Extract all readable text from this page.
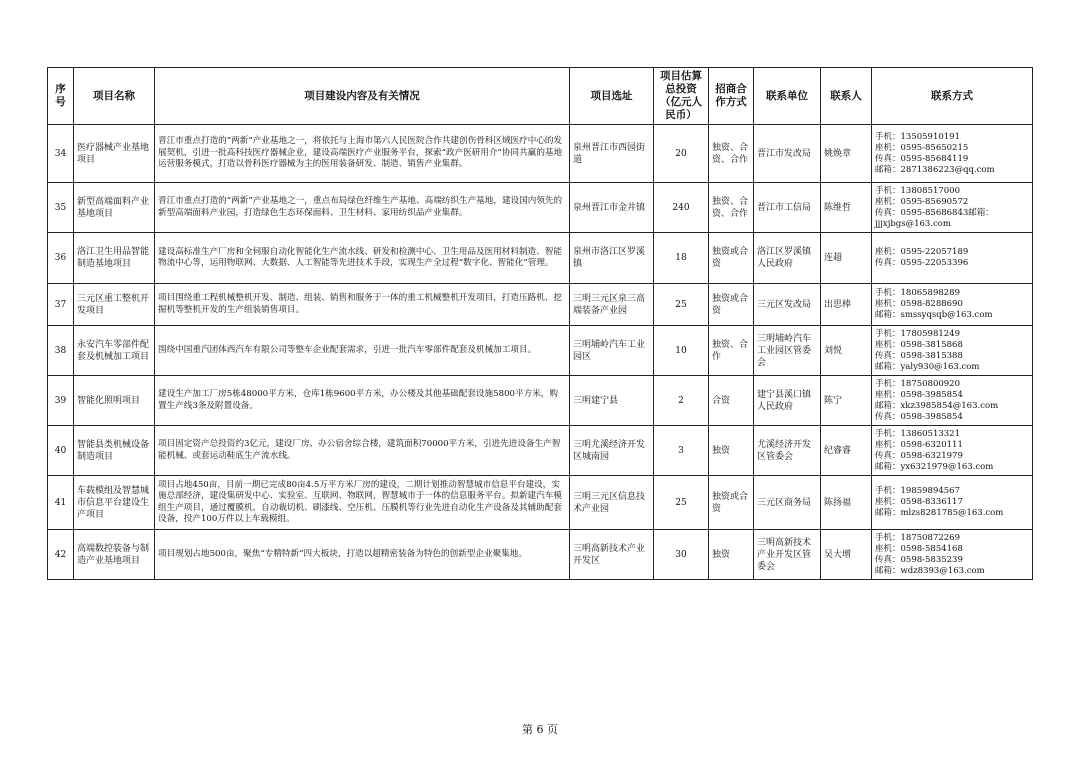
序号	项目名称	项目建设内容及有关情况	项目选址	项目估算总投资（亿元人民币）	招商合作方式	联系单位	联系人	联系方式
34	医疗器械产业基地项目	晋江市重点打造的“两新”产业基地之一，将依托与上海市第六人民医院合作共建创伤骨科区域医疗中心的发展契机，引进一批高科技医疗器械企业，建设高端医疗产业服务平台，探索“政产医研用介”协同共赢的基地运营服务模式，打造以骨科医疗器械为主的医用装备研发、制造、销售产业集群。	泉州晋江市西园街道	20	独资、合资、合作	晋江市发改局	姚焕章	手机：13505910191
座机：0595-85650215
传真：0595-85684119
邮箱：2871386223@qq.com

35	新型高端面料产业基地项目	晋江市重点打造的“两新”产业基地之一，重点布局绿色纤维生产基地、高端纺织生产基地，建设国内领先的新型高端面料产业园，打造绿色生态环保面料、卫生材料、家用纺织品产业集群。	泉州晋江市金井镇	240	独资、合资、合作	晋江市工信局	陈维哲	手机：13808517000
座机：0595-85690572
传真：0595-85686843邮箱：
jjjxjbgs@163.com

36	洛江卫生用品智能制造基地项目	建设高标准生产厂房和全伺服自动化智能化生产流水线、研发和检测中心、卫生用品及医用材料制造、智能物流中心等，运用物联网、大数据、人工智能等先进技术手段，实现生产全过程“数字化、智能化”管理。	泉州市洛江区罗溪镇	18	独资或合资	洛江区罗溪镇人民政府	连超	座机：0595-22057189
传真：0595-22053396

37	三元区重工整机开发项目	项目围绕重工程机械整机开发、制造、组装、销售和服务于一体的重工机械整机开发项目，打造压路机、挖掘机等整机开发的生产组装销售项目。	三明三元区泉三高端装备产业园	25	独资或合资	三元区发改局	出思棒	手机：18065898289
座机：0598-8288690
邮箱：smssyqsqb@163.com

38	永安汽车零部件配套及机械加工项目	围绕中国重汽团体西汽车有限公司等整车企业配套需求，引进一批汽车零部件配套及机械加工项目。	三明埔岭汽车工业园区	10	独资、合作	三明埔岭汽车工业园区管委会	刘悦	手机：17805981249
座机：0598-3815868
传真：0598-3815388
邮箱：yaly930@163.com

39	智能化照明项目	建设生产加工厂房5栋48000平方米，仓库1栋9600平方米，办公楼及其他基础配套设施5800平方米，购置生产线3条及附置设备。	三明建宁县	2	合资	建宁县溪口镇人民政府	陈宁	手机：18750800920
座机：0598-3985854
邮箱：xkz3985854@163.com
传真：0598-3985854

40	智能县类机械设备制造项目	项目固定资产总投资约3亿元，建设厂房、办公宿舍综合楼，建筑面积70000平方米，引进先进设备生产智能机械、或套运动鞋底生产流水线。	三明尤溪经济开发区城南园	3	独资	尤溪经济开发区管委会	纪睿睿	手机：13860513321
座机：0598-6320111
传真：0598-6321979
邮箱：yx6321979@163.com

41	车载模组及智慧城市信息平台建设生产项目	项目占地450亩，目前一期已完成80亩4.5万平方米厂房的建设，二期计划推动智慧城市信息平台建设，实施总部经济，建设集研发中心、实验室、互联网、物联网，智慧城市于一体的信息服务平台。拟新建汽车模组生产项目，通过覆膜机、自动裁切机、刷漆线、空压机、压膜机等行业先进自动化生产设备及其辅助配套设备，投产100万件以上车载模组。	三明三元区信息技术产业园	25	独资或合资	三元区商务局	陈扬福	手机：19859894567
座机：0598-8336117
邮箱：mlzs8281785@163.com

42	高端数控装备与制造产业基地项目	项目规划占地500亩，聚焦“专精特新”四大板块，打造以超精密装备为特色的创新型企业聚集地。	三明高新技术产业开发区	30	独资	三明高新技术产业开发区管委会	吴大增	手机：18750872269
座机：0598-5854168
传真：0598-5835239
邮箱：wdz8393@163.com
第 6 页
